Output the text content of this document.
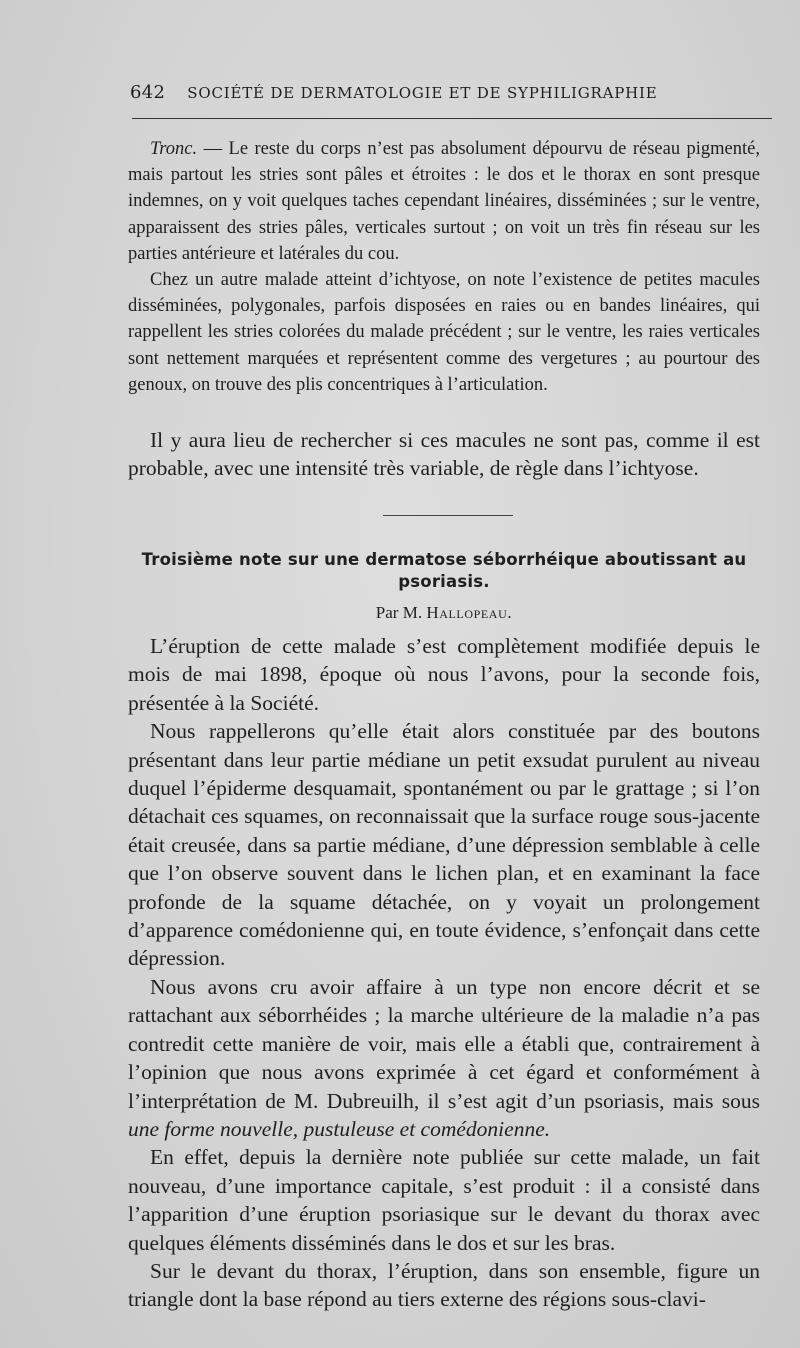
642 SOCIÉTÉ DE DERMATOLOGIE ET DE SYPHILIGRAPHIE

Tronc. — Le reste du corps n’est pas absolument dépourvu de réseau pigmenté, mais partout les stries sont pâles et étroites : le dos et le thorax en sont presque indemnes, on y voit quelques taches cependant linéaires, disséminées ; sur le ventre, apparaissent des stries pâles, verticales surtout ; on voit un très fin réseau sur les parties antérieure et latérales du cou.

Chez un autre malade atteint d’ichtyose, on note l’existence de petites macules disséminées, polygonales, parfois disposées en raies ou en bandes linéaires, qui rappellent les stries colorées du malade précédent ; sur le ventre, les raies verticales sont nettement marquées et représentent comme des vergetures ; au pourtour des genoux, on trouve des plis concentriques à l’articulation.

Il y aura lieu de rechercher si ces macules ne sont pas, comme il est probable, avec une intensité très variable, de règle dans l’ichtyose.

Troisième note sur une dermatose séborrhéique aboutissant au psoriasis.
Par M. Hallopeau.

L’éruption de cette malade s’est complètement modifiée depuis le mois de mai 1898, époque où nous l’avons, pour la seconde fois, présentée à la Société.

Nous rappellerons qu’elle était alors constituée par des boutons présentant dans leur partie médiane un petit exsudat purulent au niveau duquel l’épiderme desquamait, spontanément ou par le grattage ; si l’on détachait ces squames, on reconnaissait que la surface rouge sous-jacente était creusée, dans sa partie médiane, d’une dépression semblable à celle que l’on observe souvent dans le lichen plan, et en examinant la face profonde de la squame détachée, on y voyait un prolongement d’apparence comédonienne qui, en toute évidence, s’enfonçait dans cette dépression.

Nous avons cru avoir affaire à un type non encore décrit et se rattachant aux séborrhéides ; la marche ultérieure de la maladie n’a pas contredit cette manière de voir, mais elle a établi que, contrairement à l’opinion que nous avons exprimée à cet égard et conformément à l’interprétation de M. Dubreuilh, il s’est agit d’un psoriasis, mais sous une forme nouvelle, pustuleuse et comédonienne.

En effet, depuis la dernière note publiée sur cette malade, un fait nouveau, d’une importance capitale, s’est produit : il a consisté dans l’apparition d’une éruption psoriasique sur le devant du thorax avec quelques éléments disséminés dans le dos et sur les bras.

Sur le devant du thorax, l’éruption, dans son ensemble, figure un triangle dont la base répond au tiers externe des régions sous-clavi-
